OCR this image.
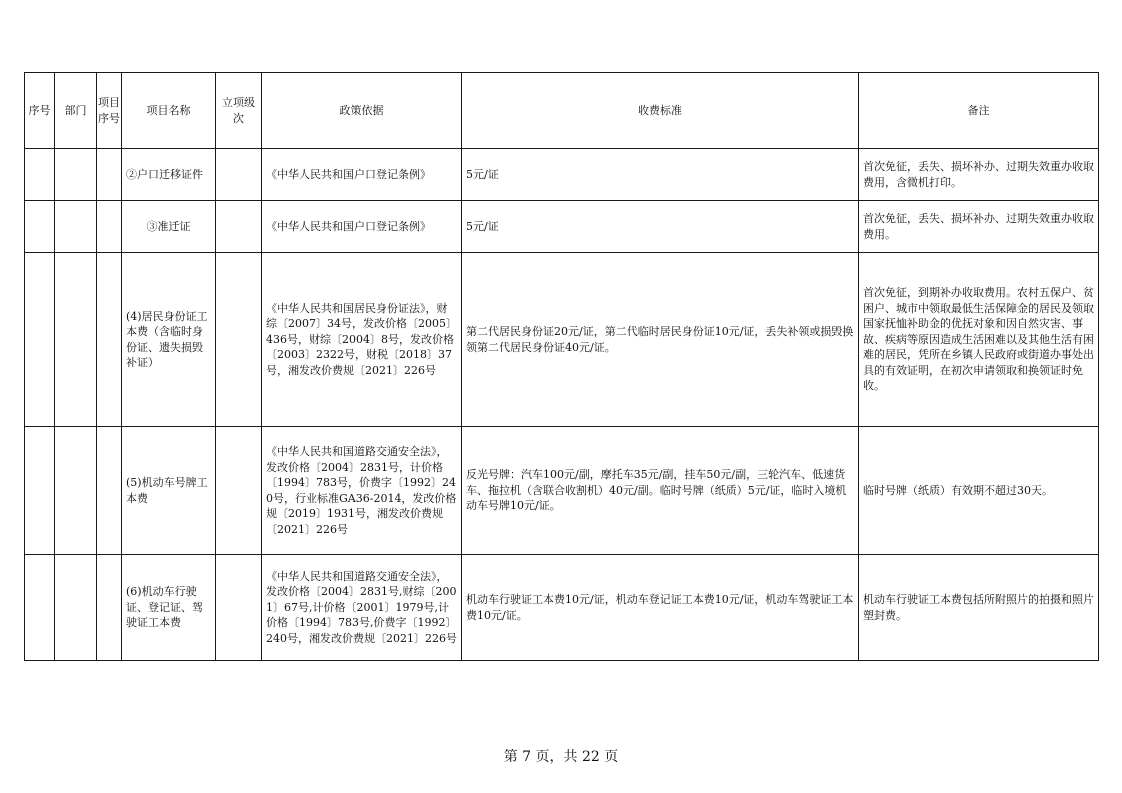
序号	部门	项目序号	项目名称	立项级次	政策依据	收费标准	备注
			②户口迁移证件		《中华人民共和国户口登记条例》	5元/证	首次免征，丢失、损坏补办、过期失效重办收取费用，含微机打印。
			③准迁证		《中华人民共和国户口登记条例》	5元/证	首次免征，丢失、损坏补办、过期失效重办收取费用。
			(4)居民身份证工本费（含临时身份证、遗失损毁补证）		《中华人民共和国居民身份证法》，财综〔2007〕34号，发改价格〔2005〕436号，财综〔2004〕8号，发改价格〔2003〕2322号，财税〔2018〕37号，湘发改价费规〔2021〕226号	第二代居民身份证20元/证，第二代临时居民身份证10元/证，丢失补领或损毁换领第二代居民身份证40元/证。	首次免征，到期补办收取费用。农村五保户、贫困户、城市中领取最低生活保障金的居民及领取国家抚恤补助金的优抚对象和因自然灾害、事故、疾病等原因造成生活困难以及其他生活有困难的居民，凭所在乡镇人民政府或街道办事处出具的有效证明，在初次申请领取和换领证时免收。
			(5)机动车号牌工本费		《中华人民共和国道路交通安全法》，发改价格〔2004〕2831号，计价格〔1994〕783号，价费字〔1992〕240号，行业标准GA36-2014，发改价格规〔2019〕1931号，湘发改价费规〔2021〕226号	反光号牌：汽车100元/副，摩托车35元/副，挂车50元/副，三轮汽车、低速货车、拖拉机（含联合收割机）40元/副。临时号牌（纸质）5元/证，临时入境机动车号牌10元/证。	临时号牌（纸质）有效期不超过30天。
			(6)机动车行驶证、登记证、驾驶证工本费		《中华人民共和国道路交通安全法》，发改价格〔2004〕2831号,财综〔2001〕67号,计价格〔2001〕1979号,计价格〔1994〕783号,价费字〔1992〕240号，湘发改价费规〔2021〕226号	机动车行驶证工本费10元/证，机动车登记证工本费10元/证，机动车驾驶证工本费10元/证。	机动车行驶证工本费包括所附照片的拍摄和照片塑封费。
第 7 页，共 22 页
